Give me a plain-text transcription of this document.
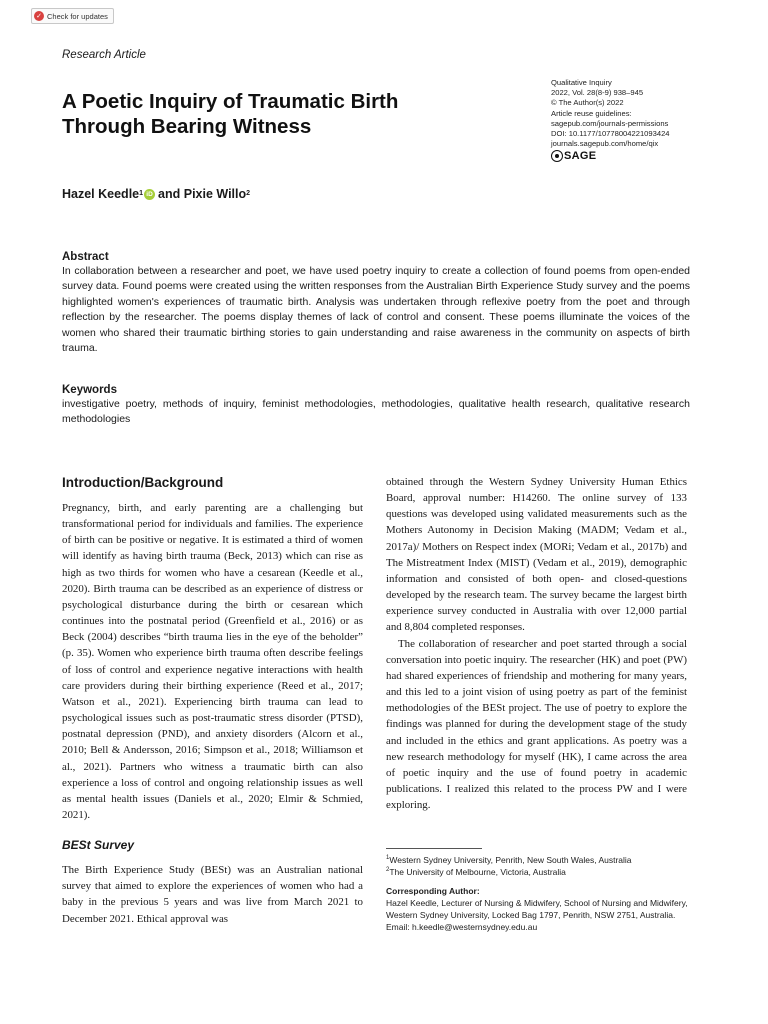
✓ Check for updates
Research Article
A Poetic Inquiry of Traumatic Birth Through Bearing Witness
Qualitative Inquiry
2022, Vol. 28(8-9) 938–945
© The Author(s) 2022
Article reuse guidelines:
sagepub.com/journals-permissions
DOI: 10.1177/10778004221093424
journals.sagepub.com/home/qix
SAGE
Hazel Keedle 1 iD and Pixie Willo 2
Abstract

In collaboration between a researcher and poet, we have used poetry inquiry to create a collection of found poems from open-ended survey data. Found poems were created using the written responses from the Australian Birth Experience Study survey and the poems highlighted women's experiences of traumatic birth. Analysis was undertaken through reflexive poetry from the poet and through reflection by the researcher. The poems display themes of lack of control and consent. These poems illuminate the voices of the women who shared their traumatic birthing stories to gain understanding and raise awareness in the community on aspects of birth trauma.

Keywords

investigative poetry, methods of inquiry, feminist methodologies, methodologies, qualitative health research, qualitative research methodologies

Introduction/Background

Pregnancy, birth, and early parenting are a challenging but transformational period for individuals and families. The experience of birth can be positive or negative. It is estimated a third of women will identify as having birth trauma (Beck, 2013) which can rise as high as two thirds for women who have a cesarean (Keedle et al., 2020). Birth trauma can be described as an experience of distress or psychological disturbance during the birth or cesarean which continues into the postnatal period (Greenfield et al., 2016) or as Beck (2004) describes “birth trauma lies in the eye of the beholder” (p. 35). Women who experience birth trauma often describe feelings of loss of control and experience negative interactions with health care providers during their birthing experience (Reed et al., 2017; Watson et al., 2021). Experiencing birth trauma can lead to psychological issues such as post-traumatic stress disorder (PTSD), postnatal depression (PND), and anxiety disorders (Alcorn et al., 2010; Bell & Andersson, 2016; Simpson et al., 2018; Williamson et al., 2021). Partners who witness a traumatic birth can also experience a loss of control and ongoing relationship issues as well as mental health issues (Daniels et al., 2020; Elmir & Schmied, 2021).

BESt Survey

The Birth Experience Study (BESt) was an Australian national survey that aimed to explore the experiences of women who had a baby in the previous 5 years and was live from March 2021 to December 2021. Ethical approval was

obtained through the Western Sydney University Human Ethics Board, approval number: H14260. The online survey of 133 questions was developed using validated measurements such as the Mothers Autonomy in Decision Making (MADM; Vedam et al., 2017a)/ Mothers on Respect index (MORi; Vedam et al., 2017b) and The Mistreatment Index (MIST) (Vedam et al., 2019), demographic information and consisted of both open- and closed-questions developed by the research team. The survey became the largest birth experience survey conducted in Australia with over 12,000 partial and 8,804 completed responses.

The collaboration of researcher and poet started through a social conversation into poetic inquiry. The researcher (HK) and poet (PW) had shared experiences of friendship and mothering for many years, and this led to a joint vision of using poetry as part of the feminist methodologies of the BESt project. The use of poetry to explore the findings was planned for during the development stage of the study and included in the ethics and grant applications. As poetry was a new research methodology for myself (HK), I came across the area of poetic inquiry and the use of found poetry in academic publications. I realized this related to the process PW and I were exploring.

$^1$Western Sydney University, Penrith, New South Wales, Australia
$^2$The University of Melbourne, Victoria, Australia
Corresponding Author:
Hazel Keedle, Lecturer of Nursing & Midwifery, School of Nursing and Midwifery, Western Sydney University, Locked Bag 1797, Penrith, NSW 2751, Australia.
Email: h.keedle@westernsydney.edu.au
